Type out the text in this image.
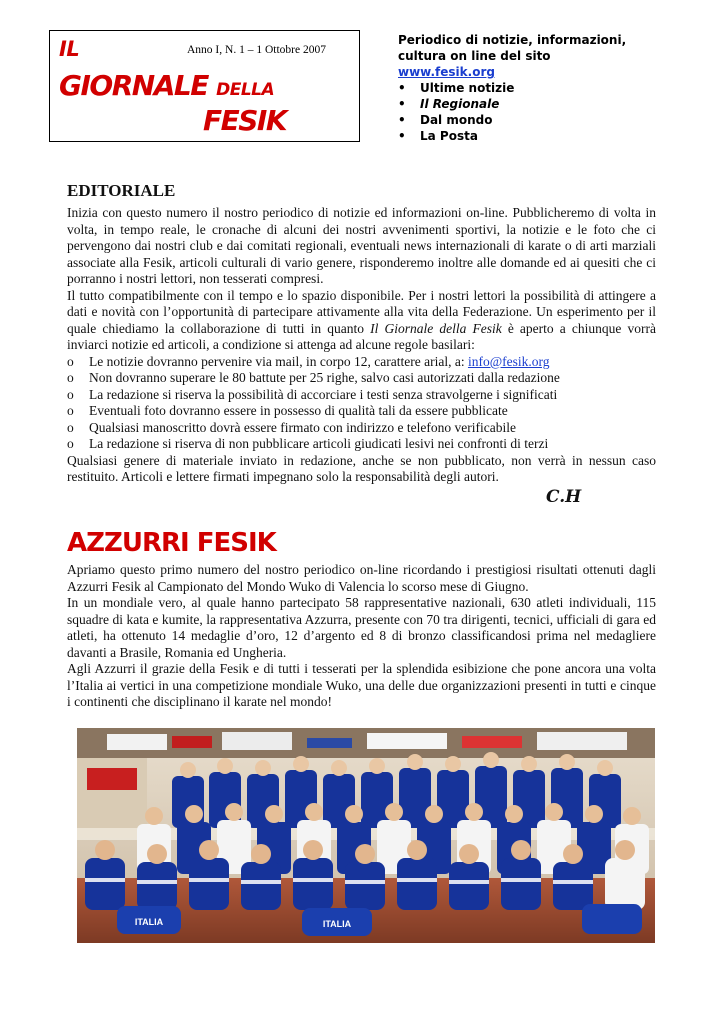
IL	Anno I, N. 1 – 1 Ottobre 2007
GIORNALE DELLA
FESIK
Periodico di notizie, informazioni,
cultura on line del sito
www.fesik.org
• Ultime notizie
• Il Regionale
• Dal mondo
• La Posta
EDITORIALE

Inizia con questo numero il nostro periodico di notizie ed informazioni on-line. Pubblicheremo di volta in volta, in tempo reale, le cronache di alcuni dei nostri avvenimenti sportivi, la notizie e le foto che ci pervengono dai nostri club e dai comitati regionali, eventuali news internazionali di karate o di arti marziali associate alla Fesik, articoli culturali di vario genere, risponderemo inoltre alle domande ed ai quesiti che ci porranno i nostri lettori, non tesserati compresi.

Il tutto compatibilmente con il tempo e lo spazio disponibile. Per i nostri lettori la possibilità di attingere a dati e novità con l’opportunità di partecipare attivamente alla vita della Federazione. Un esperimento per il quale chiediamo la collaborazione di tutti in quanto Il Giornale della Fesik è aperto a chiunque vorrà inviarci notizie ed articoli, a condizione si attenga ad alcune regole basilari:

o Le notizie dovranno pervenire via mail, in corpo 12, carattere arial, a: info@fesik.org
o Non dovranno superare le 80 battute per 25 righe, salvo casi autorizzati dalla redazione
o La redazione si riserva la possibilità di accorciare i testi senza stravolgerne i significati
o Eventuali foto dovranno essere in possesso di qualità tali da essere pubblicate
o Qualsiasi manoscritto dovrà essere firmato con indirizzo e telefono verificabile
o La redazione si riserva di non pubblicare articoli giudicati lesivi nei confronti di terzi

Qualsiasi genere di materiale inviato in redazione, anche se non pubblicato, non verrà in nessun caso restituito. Articoli e lettere firmati impegnano solo la responsabilità degli autori.

C.H
AZZURRI FESIK

Apriamo questo primo numero del nostro periodico on-line ricordando i prestigiosi risultati ottenuti dagli Azzurri Fesik al Campionato del Mondo Wuko di Valencia lo scorso mese di Giugno.

In un mondiale vero, al quale hanno partecipato 58 rappresentative nazionali, 630 atleti individuali, 115 squadre di kata e kumite, la rappresentativa Azzurra, presente con 70 tra dirigenti, tecnici, ufficiali di gara ed atleti, ha ottenuto 14 medaglie d’oro, 12 d’argento ed 8 di bronzo classificandosi prima nel medagliere davanti a Brasile, Romania ed Ungheria.

Agli Azzurri il grazie della Fesik e di tutti i tesserati per la splendida esibizione che pone ancora una volta l’Italia ai vertici in una competizione mondiale Wuko, una delle due organizzazioni presenti in tutti e cinque i continenti che disciplinano il karate nel mondo!

ITALIA	ITALIA
